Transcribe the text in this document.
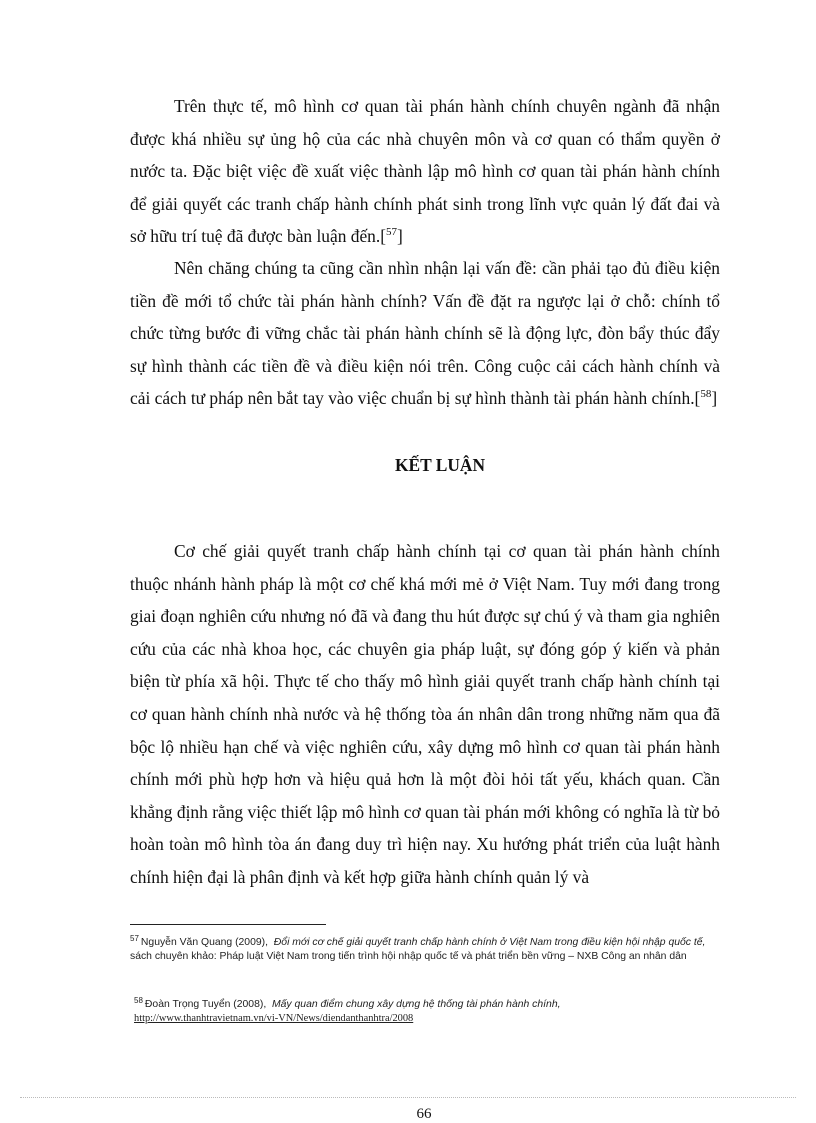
Trên thực tế, mô hình cơ quan tài phán hành chính chuyên ngành đã nhận được khá nhiều sự ủng hộ của các nhà chuyên môn và cơ quan có thẩm quyền ở nước ta. Đặc biệt việc đề xuất việc thành lập mô hình cơ quan tài phán hành chính để giải quyết các tranh chấp hành chính phát sinh trong lĩnh vực quản lý đất đai và sở hữu trí tuệ đã được bàn luận đến.[$^{57}$]

Nên chăng chúng ta cũng cần nhìn nhận lại vấn đề: cần phải tạo đủ điều kiện tiền đề mới tổ chức tài phán hành chính? Vấn đề đặt ra ngược lại ở chỗ: chính tổ chức từng bước đi vững chắc tài phán hành chính sẽ là động lực, đòn bẩy thúc đẩy sự hình thành các tiền đề và điều kiện nói trên. Công cuộc cải cách hành chính và cải cách tư pháp nên bắt tay vào việc chuẩn bị sự hình thành tài phán hành chính.[$^{58}$]

KẾT LUẬN

Cơ chế giải quyết tranh chấp hành chính tại cơ quan tài phán hành chính thuộc nhánh hành pháp là một cơ chế khá mới mẻ ở Việt Nam. Tuy mới đang trong giai đoạn nghiên cứu nhưng nó đã và đang thu hút được sự chú ý và tham gia nghiên cứu của các nhà khoa học, các chuyên gia pháp luật, sự đóng góp ý kiến và phản biện từ phía xã hội. Thực tế cho thấy mô hình giải quyết tranh chấp hành chính tại cơ quan hành chính nhà nước và hệ thống tòa án nhân dân trong những năm qua đã bộc lộ nhiều hạn chế và việc nghiên cứu, xây dựng mô hình cơ quan tài phán hành chính mới phù hợp hơn và hiệu quả hơn là một đòi hỏi tất yếu, khách quan. Cần khẳng định rằng việc thiết lập mô hình cơ quan tài phán mới không có nghĩa là từ bỏ hoàn toàn mô hình tòa án đang duy trì hiện nay. Xu hướng phát triển của luật hành chính hiện đại là phân định và kết hợp giữa hành chính quản lý và

$^{57}$ Nguyễn Văn Quang (2009), Đổi mới cơ chế giải quyết tranh chấp hành chính ở Việt Nam trong điều kiện hội nhập quốc tế, sách chuyên khảo: Pháp luật Việt Nam trong tiến trình hội nhập quốc tế và phát triển bền vững – NXB Công an nhân dân

$^{58}$ Đoàn Trọng Tuyển (2008), Mấy quan điểm chung xây dựng hệ thống tài phán hành chính,
http://www.thanhtravietnam.vn/vi-VN/News/diendanthanhtra/2008

66
